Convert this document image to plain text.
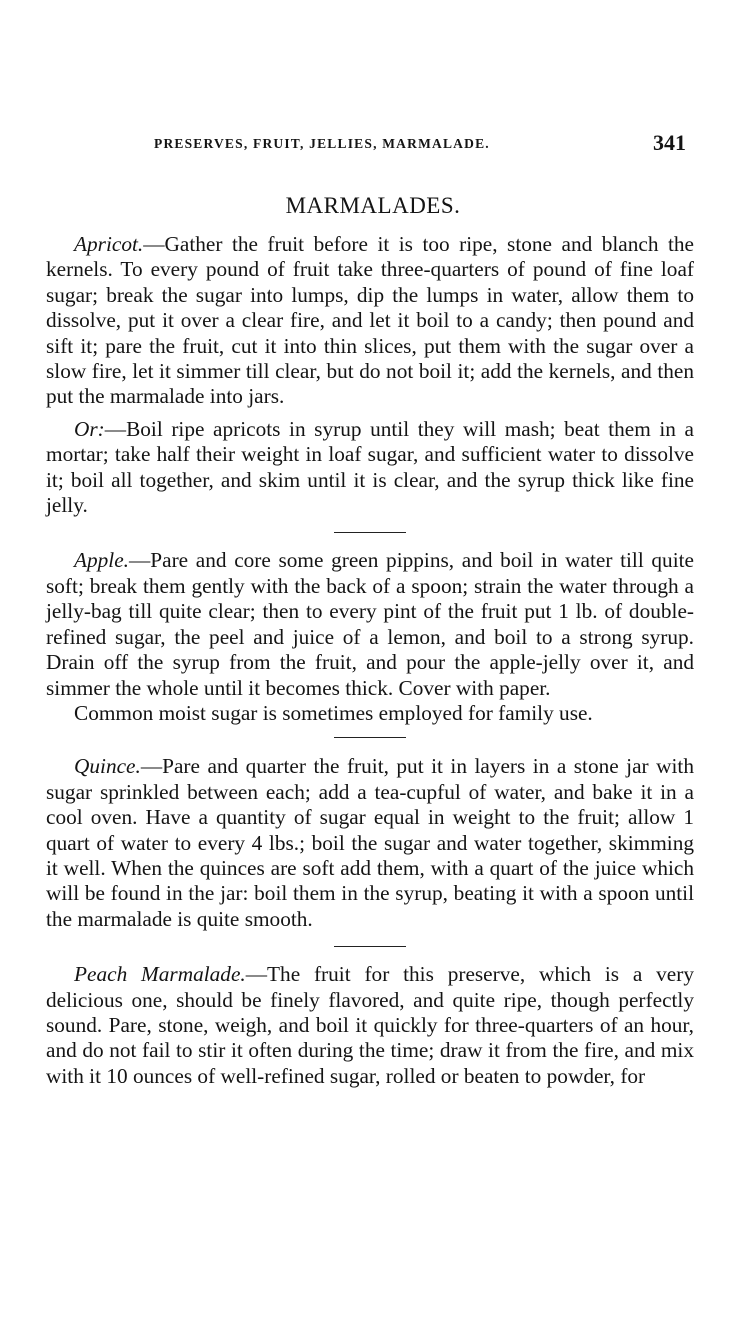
PRESERVES, FRUIT, JELLIES, MARMALADE.	341
MARMALADES.

Apricot.—Gather the fruit before it is too ripe, stone and blanch the kernels. To every pound of fruit take three-quarters of pound of fine loaf sugar; break the sugar into lumps, dip the lumps in water, allow them to dissolve, put it over a clear fire, and let it boil to a candy; then pound and sift it; pare the fruit, cut it into thin slices, put them with the sugar over a slow fire, let it simmer till clear, but do not boil it; add the kernels, and then put the marmalade into jars.

Or:—Boil ripe apricots in syrup until they will mash; beat them in a mortar; take half their weight in loaf sugar, and sufficient water to dissolve it; boil all together, and skim until it is clear, and the syrup thick like fine jelly.

Apple.—Pare and core some green pippins, and boil in water till quite soft; break them gently with the back of a spoon; strain the water through a jelly-bag till quite clear; then to every pint of the fruit put 1 lb. of double-refined sugar, the peel and juice of a lemon, and boil to a strong syrup. Drain off the syrup from the fruit, and pour the apple-jelly over it, and simmer the whole until it becomes thick. Cover with paper.

Common moist sugar is sometimes employed for family use.

Quince.—Pare and quarter the fruit, put it in layers in a stone jar with sugar sprinkled between each; add a tea-cupful of water, and bake it in a cool oven. Have a quantity of sugar equal in weight to the fruit; allow 1 quart of water to every 4 lbs.; boil the sugar and water together, skimming it well. When the quinces are soft add them, with a quart of the juice which will be found in the jar: boil them in the syrup, beating it with a spoon until the marmalade is quite smooth.

Peach Marmalade.—The fruit for this preserve, which is a very delicious one, should be finely flavored, and quite ripe, though perfectly sound. Pare, stone, weigh, and boil it quickly for three-quarters of an hour, and do not fail to stir it often during the time; draw it from the fire, and mix with it 10 ounces of well-refined sugar, rolled or beaten to powder, for
